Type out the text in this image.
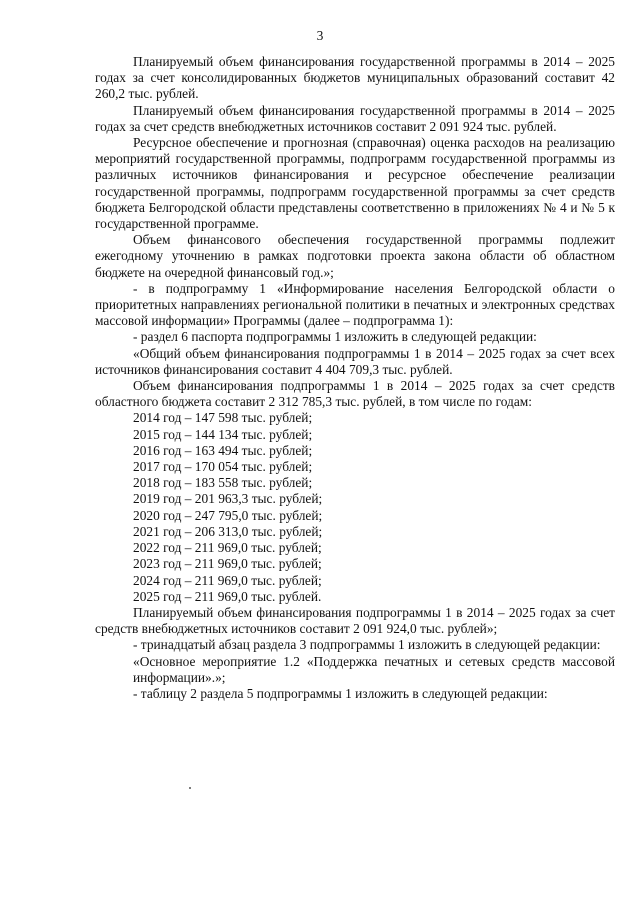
3

Планируемый объем финансирования государственной программы в 2014 – 2025 годах за счет консолидированных бюджетов муниципальных образований составит 42 260,2 тыс. рублей.

Планируемый объем финансирования государственной программы в 2014 – 2025 годах за счет средств внебюджетных источников составит 2 091 924 тыс. рублей.

Ресурсное обеспечение и прогнозная (справочная) оценка расходов на реализацию мероприятий государственной программы, подпрограмм государственной программы из различных источников финансирования и ресурсное обеспечение реализации государственной программы, подпрограмм государственной программы за счет средств бюджета Белгородской области представлены соответственно в приложениях № 4 и № 5 к государственной программе.

Объем финансового обеспечения государственной программы подлежит ежегодному уточнению в рамках подготовки проекта закона области об областном бюджете на очередной финансовый год.»;

- в подпрограмму 1 «Информирование населения Белгородской области о приоритетных направлениях региональной политики в печатных и электронных средствах массовой информации» Программы (далее – подпрограмма 1):

- раздел 6 паспорта подпрограммы 1 изложить в следующей редакции:

«Общий объем финансирования подпрограммы 1 в 2014 – 2025 годах за счет всех источников финансирования составит 4 404 709,3 тыс. рублей.

Объем финансирования подпрограммы 1 в 2014 – 2025 годах за счет средств областного бюджета составит 2 312 785,3 тыс. рублей, в том числе по годам:

2014 год – 147 598 тыс. рублей;
2015 год – 144 134 тыс. рублей;
2016 год – 163 494 тыс. рублей;
2017 год – 170 054 тыс. рублей;
2018 год – 183 558 тыс. рублей;
2019 год – 201 963,3 тыс. рублей;
2020 год – 247 795,0 тыс. рублей;
2021 год – 206 313,0 тыс. рублей;
2022 год – 211 969,0 тыс. рублей;
2023 год – 211 969,0 тыс. рублей;
2024 год – 211 969,0 тыс. рублей;
2025 год – 211 969,0 тыс. рублей.

Планируемый объем финансирования подпрограммы 1 в 2014 – 2025 годах за счет средств внебюджетных источников составит 2 091 924,0 тыс. рублей»;

- тринадцатый абзац раздела 3 подпрограммы 1 изложить в следующей редакции:

«Основное мероприятие 1.2 «Поддержка печатных и сетевых средств массовой информации».»;

- таблицу 2 раздела 5 подпрограммы 1 изложить в следующей редакции:
